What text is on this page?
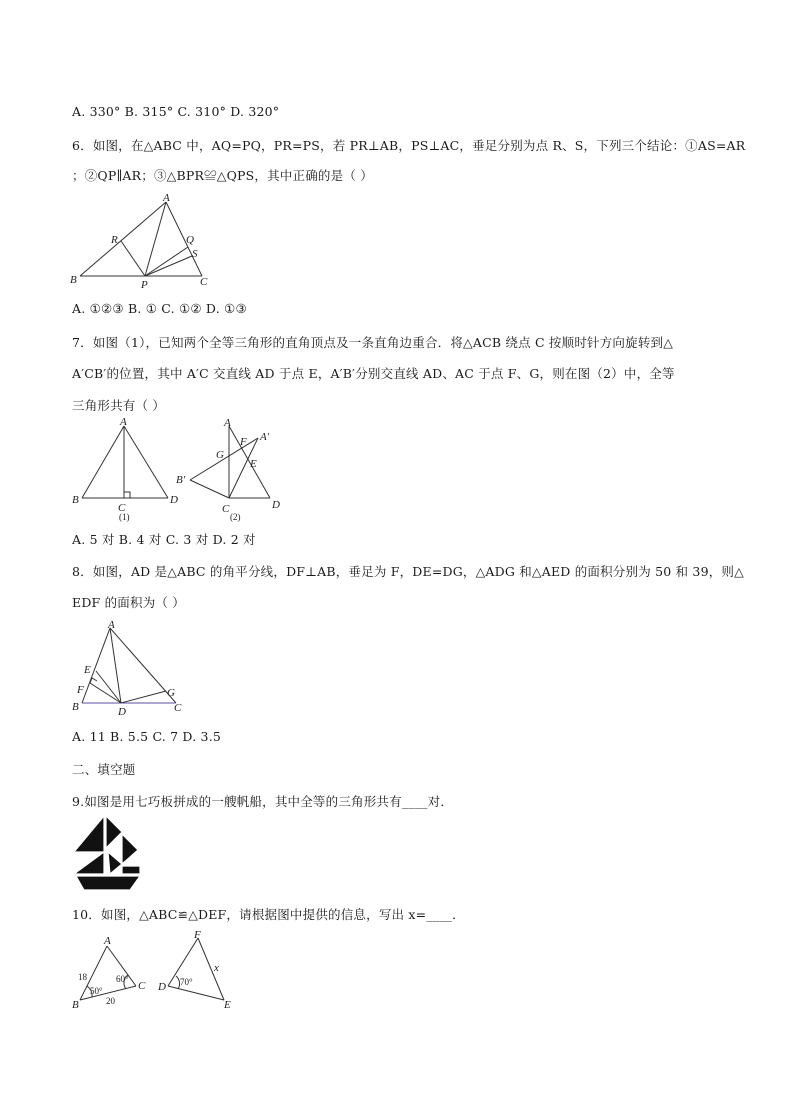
A. 330° B. 315° C. 310° D. 320°
6．如图，在△ABC 中，AQ=PQ，PR=PS，若 PR⊥AB，PS⊥AC，垂足分别为点 R、S，下列三个结论：①AS=AR
；②QP∥AR；③△BPR≌△QPS，其中正确的是（ ）
A
B	C
P
Q
S
R
A. ①②③ B. ① C. ①② D. ①③
7．如图（1），已知两个全等三角形的直角顶点及一条直角边重合．将△ACB 绕点 C 按顺时针方向旋转到△
A′CB′的位置，其中 A′C 交直线 AD 于点 E，A′B′分别交直线 AD、AC 于点 F、G，则在图（2）中，全等
三角形共有（ ）
A
B
C
D
(1)
A
A′
F
G
E
B′
C	D
(2)
A. 5 对 B. 4 对 C. 3 对 D. 2 对
8．如图，AD 是△ABC 的角平分线，DF⊥AB，垂足为 F，DE=DG，△ADG 和△AED 的面积分别为 50 和 39，则△
EDF 的面积为（ ）
A
E
F
B	D
G
C
A. 11 B. 5.5 C. 7 D. 3.5
二、填空题
9.如图是用七巧板拼成的一艘帆船，其中全等的三角形共有____对．
10．如图，△ABC≌△DEF，请根据图中提供的信息，写出 x=____．
A
B
C
18
20
50°
60°
F
D
E
x
70°
